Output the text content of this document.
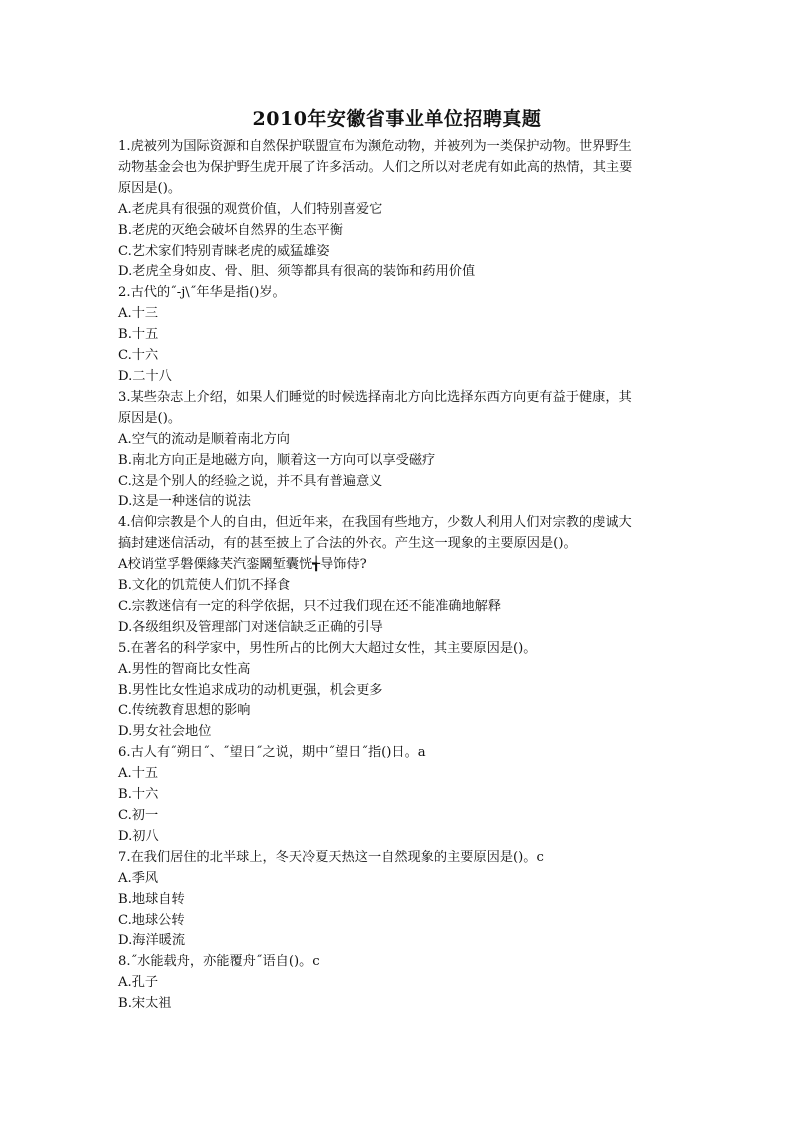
2010年安徽省事业单位招聘真题
1.虎被列为国际资源和自然保护联盟宣布为濒危动物，并被列为一类保护动物。世界野生
动物基金会也为保护野生虎开展了许多活动。人们之所以对老虎有如此高的热情，其主要
原因是()。
A.老虎具有很强的观赏价值，人们特别喜爱它
B.老虎的灭绝会破坏自然界的生态平衡
C.艺术家们特别青睐老虎的威猛雄姿
D.老虎全身如皮、骨、胆、须等都具有很高的装饰和药用价值
2.古代的˝-j\˝年华是指()岁。
A.十三
B.十五
C.十六
D.二十八
3.某些杂志上介绍，如果人们睡觉的时候选择南北方向比选择东西方向更有益于健康，其
原因是()。
A.空气的流动是顺着南北方向
B.南北方向正是地磁方向，顺着这一方向可以享受磁疗
C.这是个别人的经验之说，并不具有普遍意义
D.这是一种迷信的说法
4.信仰宗教是个人的自由，但近年来，在我国有些地方，少数人利用人们对宗教的虔诚大
搞封建迷信活动，有的甚至披上了合法的外衣。产生这一现象的主要原因是()。
A校诮堂孚磐傈緣芺汽銮鬫堑囊恍╅导饰侍?
B.文化的饥荒使人们饥不择食
C.宗教迷信有一定的科学依据，只不过我们现在还不能准确地解释
D.各级组织及管理部门对迷信缺乏正确的引导
5.在著名的科学家中，男性所占的比例大大超过女性，其主要原因是()。
A.男性的智商比女性高
B.男性比女性追求成功的动机更强，机会更多
C.传统教育思想的影响
D.男女社会地位
6.古人有˝朔日˝、˝望日˝之说，期中˝望日˝指()日。a
A.十五
B.十六
C.初一
D.初八
7.在我们居住的北半球上，冬天冷夏天热这一自然现象的主要原因是()。c
A.季风
B.地球自转
C.地球公转
D.海洋暖流
8.˝水能载舟，亦能覆舟˝语自()。c
A.孔子
B.宋太祖
